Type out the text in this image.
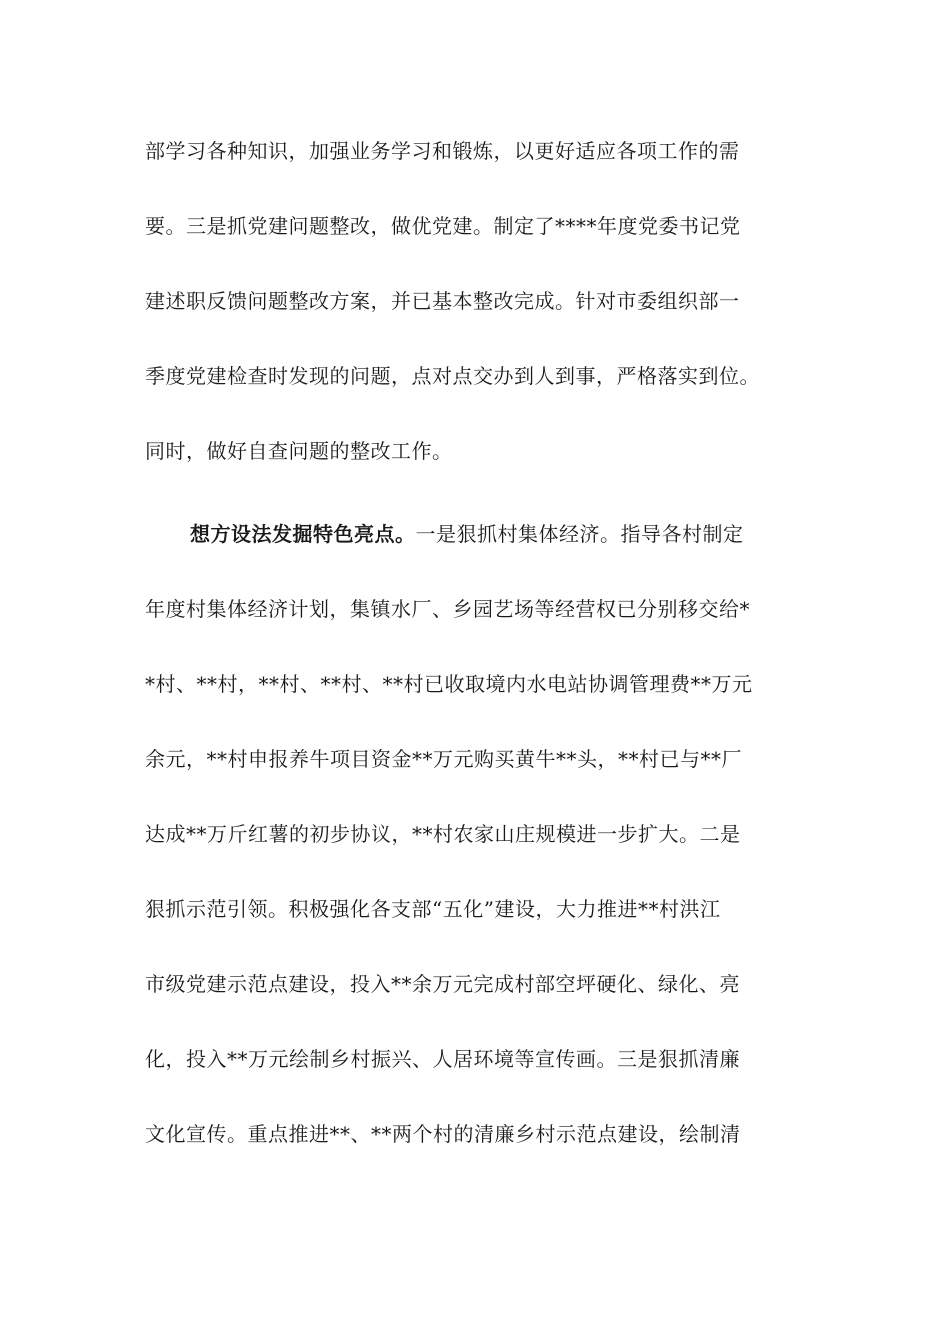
部学习各种知识，加强业务学习和锻炼，以更好适应各项工作的需
要。三是抓党建问题整改，做优党建。制定了****年度党委书记党
建述职反馈问题整改方案，并已基本整改完成。针对市委组织部一
季度党建检查时发现的问题，点对点交办到人到事，严格落实到位。
同时，做好自查问题的整改工作。
想方设法发掘特色亮点。一是狠抓村集体经济。指导各村制定
年度村集体经济计划，集镇水厂、乡园艺场等经营权已分别移交给*
*村、**村，**村、**村、**村已收取境内水电站协调管理费**万元
余元，**村申报养牛项目资金**万元购买黄牛**头，**村已与**厂
达成**万斤红薯的初步协议，**村农家山庄规模进一步扩大。二是
狠抓示范引领。积极强化各支部“五化”建设，大力推进**村洪江
市级党建示范点建设，投入**余万元完成村部空坪硬化、绿化、亮
化，投入**万元绘制乡村振兴、人居环境等宣传画。三是狠抓清廉
文化宣传。重点推进**、**两个村的清廉乡村示范点建设，绘制清
